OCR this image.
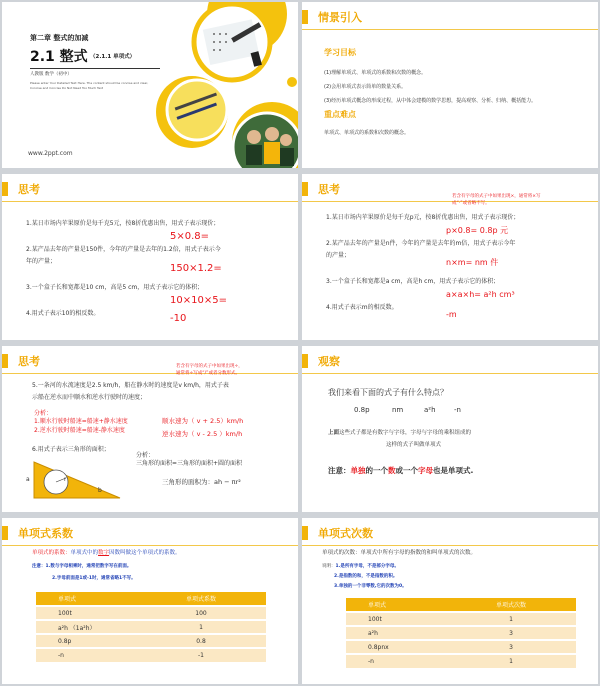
第二章 整式的加减
2.1 整式 （2.1.1 单项式）
人教版 数学（初中）
Please enter Your Detailed Text Here. The content should be concise and clear,
Concise and Concise Do Not Need Too Much Text
www.2ppt.com
情景引入
学习目标
(1)理解单项式、单项式的系数和次数的概念。
(2)会用单项式表示简单的数量关系。
(3)经历单项式概念的形成过程，从中体会建模的数学思想，提高观察、分析、归纳、概括能力。
重点难点
单项式、单项式的系数和次数的概念。
思考
1.某日市场内苹果原价是每千克5元，按8折优惠出售，用式子表示现价；
5×0.8=
2.某产品去年的产量是150件，今年的产量是去年的1.2倍，用式子表示今
年的产量；
150×1.2=
3.一个盒子长和宽都是10 cm，高是5 cm，用式子表示它的体积；
10×10×5=
4.用式子表示10的相反数。	-10
思考
若含有字母的式子中如果出现×，通常将×写
成“·”或省略不写。
1.某日市场内苹果原价是每千克p元，按8折优惠出售，用式子表示现价；
p×0.8= 0.8p 元
2.某产品去年的产量是n件，今年的产量是去年的m倍，用式子表示今年
的产量；
n×m= nm 件
3.一个盒子长和宽都是a cm，高是h cm，用式子表示它的体积；
a×a×h= a²h cm³
4.用式子表示m的相反数。
-m
思考	若含有字母的式子中如果出现÷，
通常将÷写成“/”或者分数形式。
5.一条河的水流速度是2.5 km/h，船在静水时的速度是v km/h，用式子表
示船在逆水而中顺水和逆水行驶时的速度；
分析：
1.顺水行驶时船速=船速+静水速度
2.逆水行驶时船速=船速-静水速度
顺水速为（ v + 2.5）km/h
逆水速为（ v - 2.5 ）km/h
6.用式子表示三角形的面积；
分析：
三角形的面积=三角形的面积+圆的面积
三角形的面积为：ah − πr²
a	r
b
观察
我们来看下面的式子有什么特点？
0.8p	nm	a²h	-n
上面这些式子都是有数字与字母，字母与字母的乘积组成的
这样的式子叫做单项式
注意：单独的一个数或一个字母也是单项式.
单项式系数
单项式的系数：单项式中的数字因数叫做这个单项式的系数。
注意：1.数与字母相乘时，通常把数字写在前面。
2.字母前面是1或-1时，通常省略1不写。
单项式	单项式系数
100t	100
a²h （1a²h）	1
0.8p	0.8
-n	-1
单项式次数
单项式的次数：单项式中所有字母的指数的和叫单项式的次数。
说明：1.是所有字母，不是部分字母。
2.是指数的和，不是指数的积。
3.单独的一个非零数,它的次数为0。
单项式	单项式次数
100t	1
a²h	3
0.8pnx	3
-n	1
